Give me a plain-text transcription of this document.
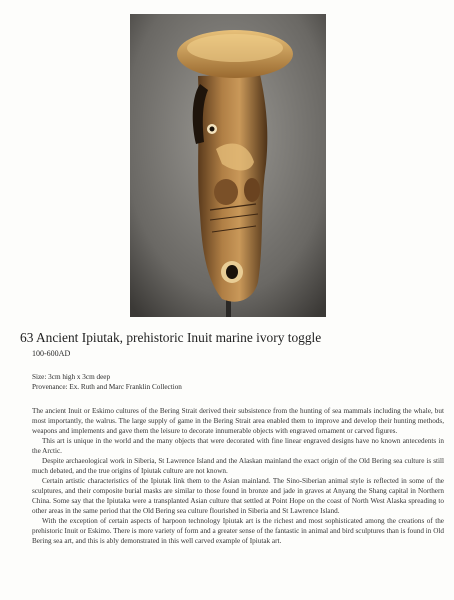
63 Ancient Ipiutak, prehistoric Inuit marine ivory toggle
100-600AD
Size: 3cm high x 3cm deep
Provenance: Ex. Ruth and Marc Franklin Collection

The ancient Inuit or Eskimo cultures of the Bering Strait derived their subsistence from the hunting of sea mammals including the whale, but most importantly, the walrus. The large supply of game in the Bering Strait area enabled them to improve and develop their hunting methods, weapons and implements and gave them the leisure to decorate innumerable objects with engraved ornament or carved figures.

This art is unique in the world and the many objects that were decorated with fine linear engraved designs have no known antecedents in the Arctic.

Despite archaeological work in Siberia, St Lawrence Island and the Alaskan mainland the exact origin of the Old Bering sea culture is still much debated, and the true origins of Ipiutak culture are not known.

Certain artistic characteristics of the Ipiutak link them to the Asian mainland. The Sino-Siberian animal style is reflected in some of the sculptures, and their composite burial masks are similar to those found in bronze and jade in graves at Anyang the Shang capital in Northern China. Some say that the Ipiutaka were a transplanted Asian culture that settled at Point Hope on the coast of North West Alaska spreading to other areas in the same period that the Old Bering sea culture flourished in Siberia and St Lawrence Island.

With the exception of certain aspects of harpoon technology Ipiutak art is the richest and most sophisticated among the creations of the prehistoric Inuit or Eskimo. There is more variety of form and a greater sense of the fantastic in animal and bird sculptures than is found in Old Bering sea art, and this is ably demonstrated in this well carved example of Ipiutak art.
